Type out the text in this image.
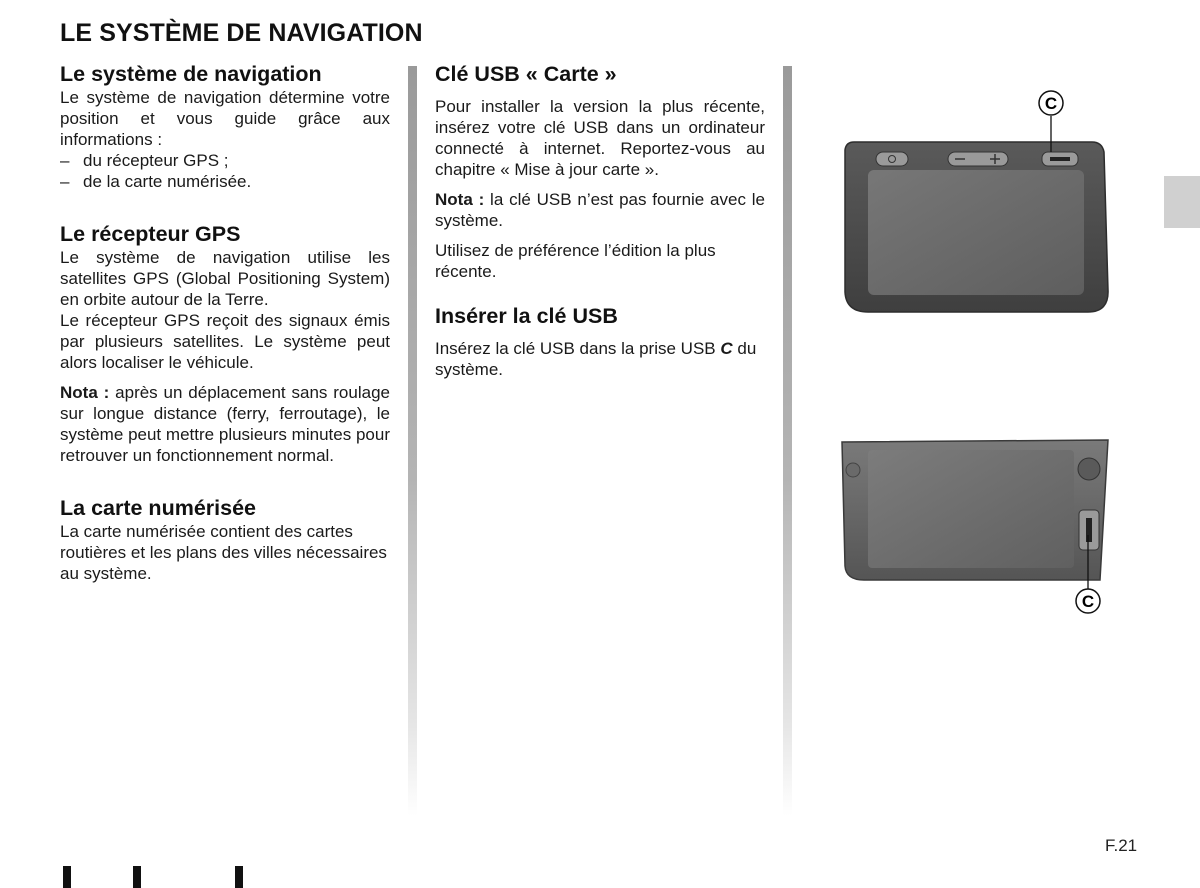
LE SYSTÈME DE NAVIGATION
Le système de navigation

Le système de navigation détermine votre position et vous guide grâce aux informations :

– du récepteur GPS ;
– de la carte numérisée.
Le récepteur GPS

Le système de navigation utilise les satellites GPS (Global Positioning System) en orbite autour de la Terre.

Le récepteur GPS reçoit des signaux émis par plusieurs satellites. Le système peut alors localiser le véhicule.

Nota : après un déplacement sans roulage sur longue distance (ferry, ferroutage), le système peut mettre plusieurs minutes pour retrouver un fonctionnement normal.

La carte numérisée

La carte numérisée contient des cartes routières et les plans des villes nécessaires au système.

Clé USB « Carte »

Pour installer la version la plus récente, insérez votre clé USB dans un ordinateur connecté à internet. Reportez-vous au chapitre « Mise à jour carte ».

Nota : la clé USB n’est pas fournie avec le système.

Utilisez de préférence l’édition la plus récente.

Insérer la clé USB

Insérez la clé USB dans la prise USB C du système.

C
C
F.21
